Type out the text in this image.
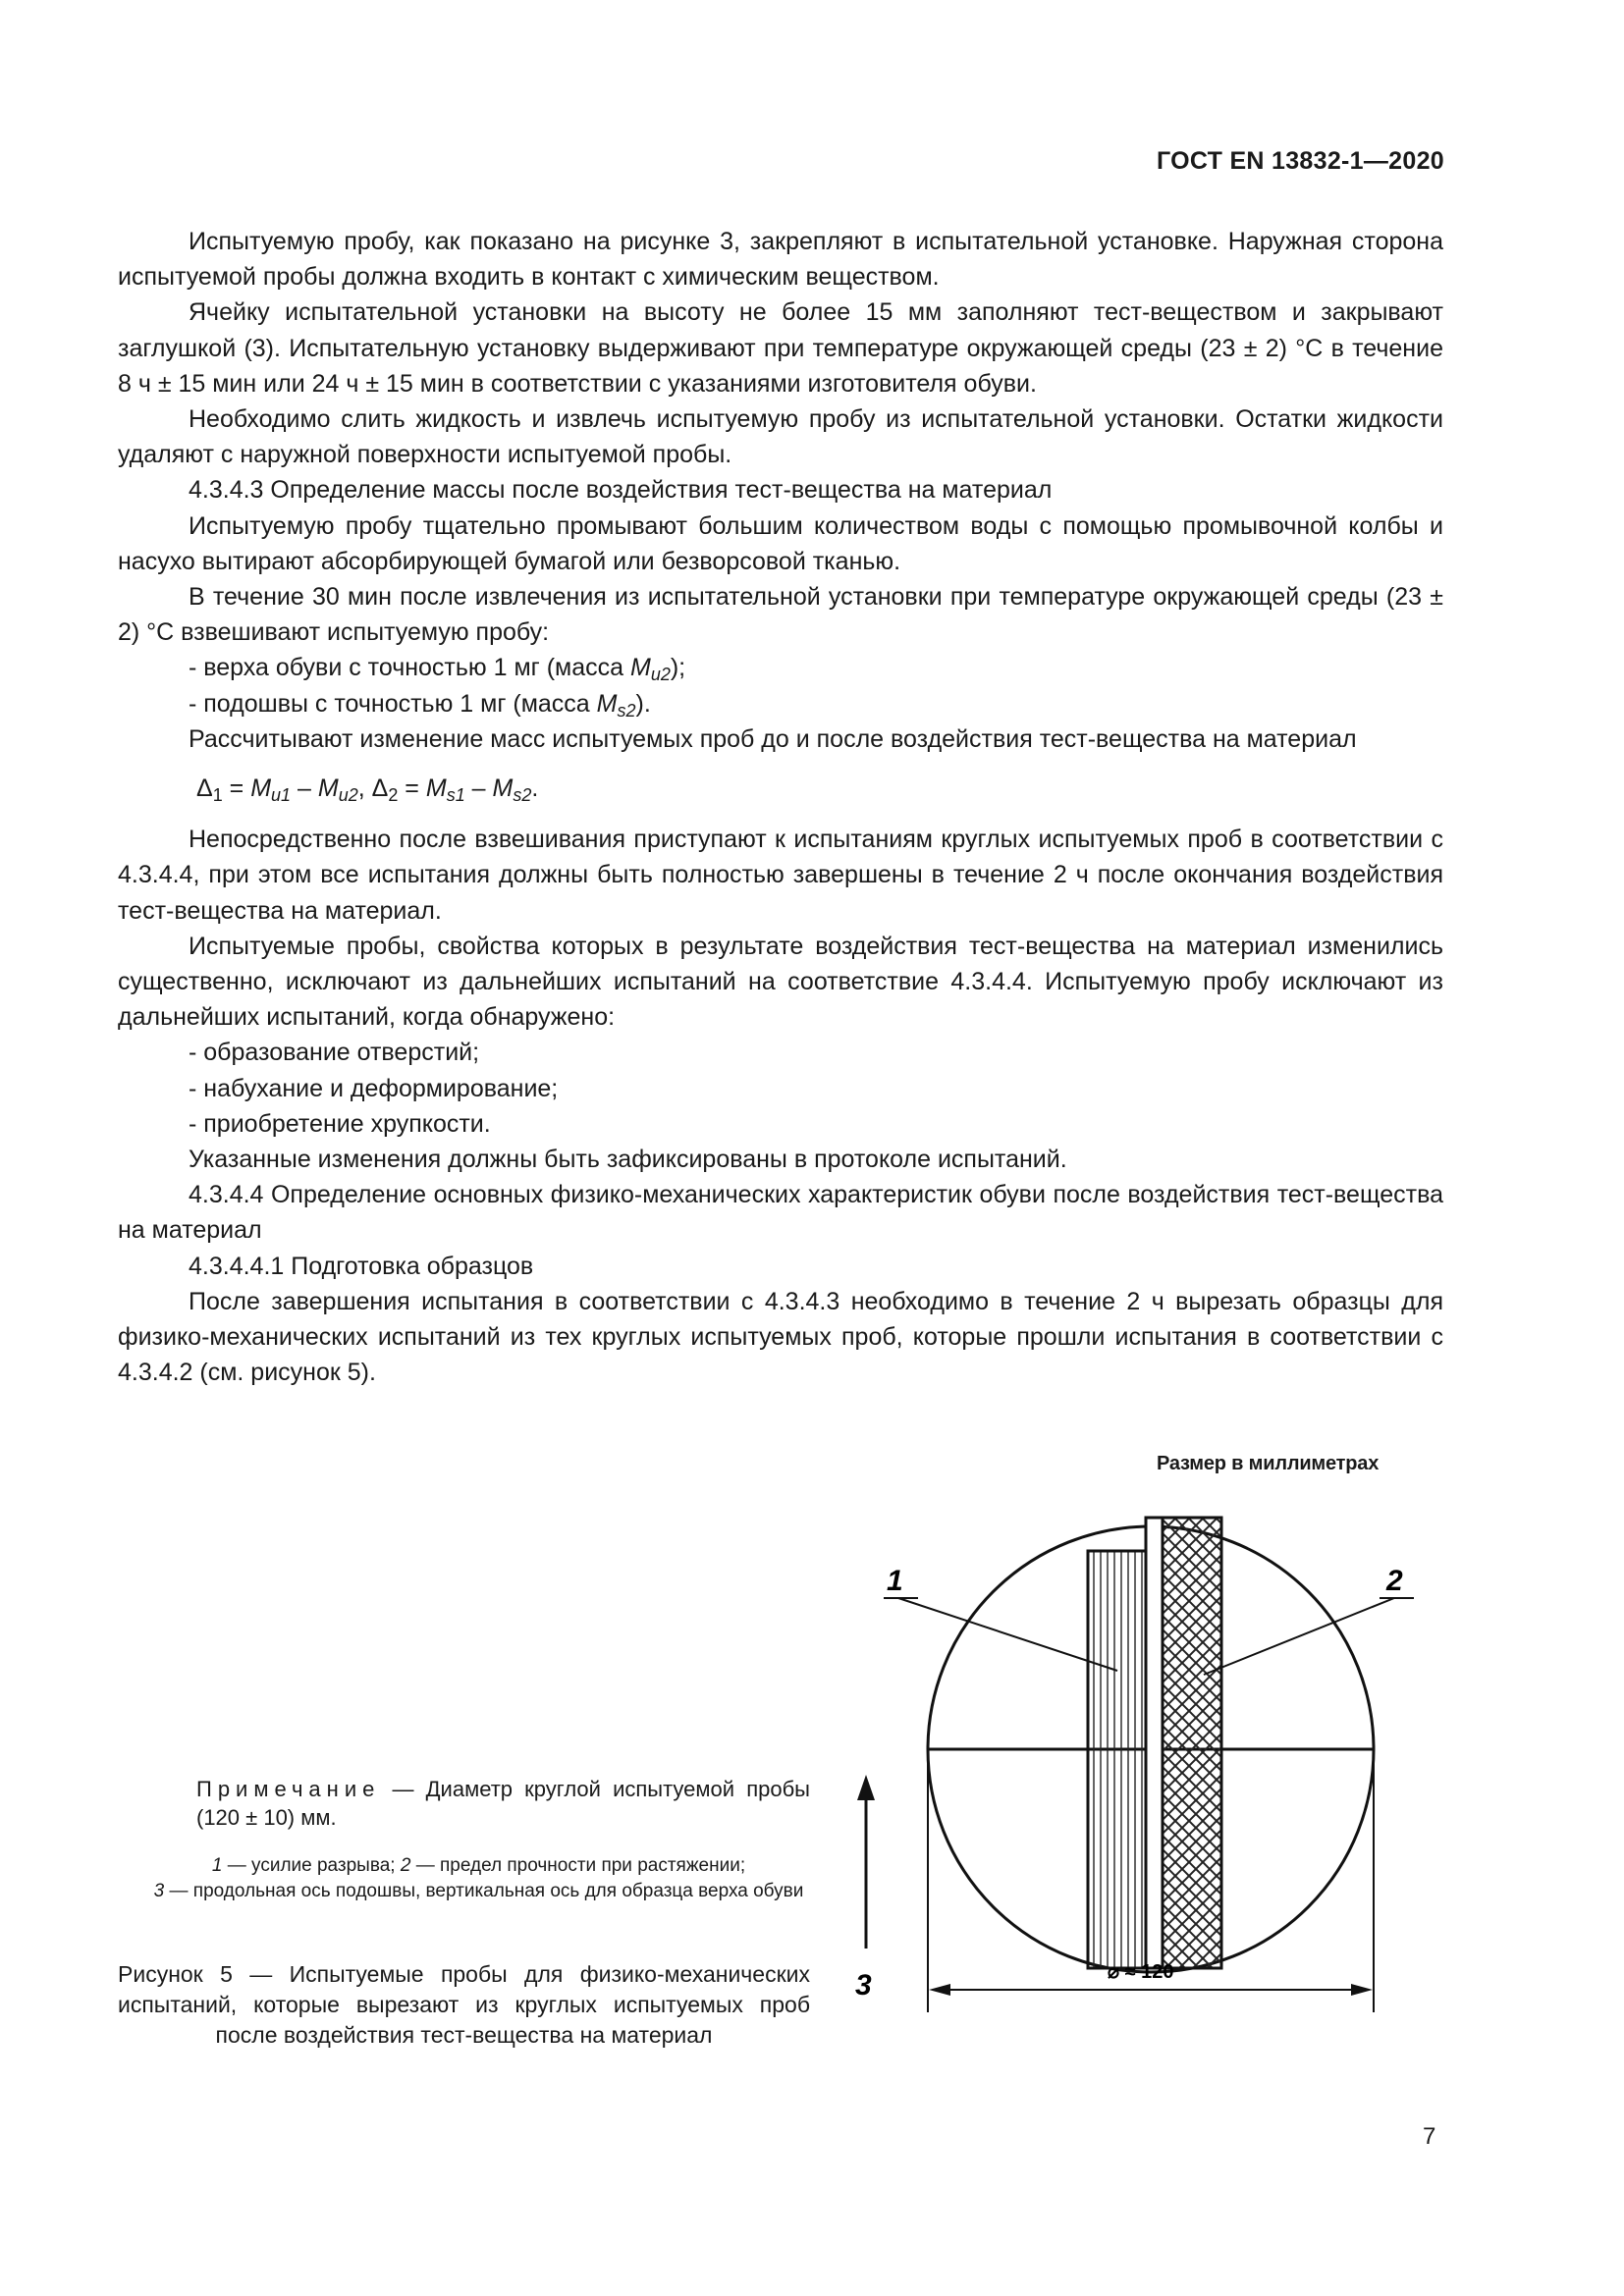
ГОСТ EN 13832-1—2020

Испытуемую пробу, как показано на рисунке 3, закрепляют в испытательной установке. Наружная сторона испытуемой пробы должна входить в контакт с химическим веществом.

Ячейку испытательной установки на высоту не более 15 мм заполняют тест-веществом и закрывают заглушкой (3). Испытательную установку выдерживают при температуре окружающей среды (23 ± 2) °С в течение 8 ч ± 15 мин или 24 ч ± 15 мин в соответствии с указаниями изготовителя обуви.

Необходимо слить жидкость и извлечь испытуемую пробу из испытательной установки. Остатки жидкости удаляют с наружной поверхности испытуемой пробы.

4.3.4.3 Определение массы после воздействия тест-вещества на материал

Испытуемую пробу тщательно промывают большим количеством воды с помощью промывочной колбы и насухо вытирают абсорбирующей бумагой или безворсовой тканью.

В течение 30 мин после извлечения из испытательной установки при температуре окружающей среды (23 ± 2) °С взвешивают испытуемую пробу:

- верха обуви с точностью 1 мг (масса $M_{u2}$);

- подошвы с точностью 1 мг (масса $M_{s2}$).

Рассчитывают изменение масс испытуемых проб до и после воздействия тест-вещества на материал

$\Delta_1 = M_{u1} - M_{u2}$, $\Delta_2 = M_{s1} - M_{s2}$.

Непосредственно после взвешивания приступают к испытаниям круглых испытуемых проб в соответствии с 4.3.4.4, при этом все испытания должны быть полностью завершены в течение 2 ч после окончания воздействия тест-вещества на материал.

Испытуемые пробы, свойства которых в результате воздействия тест-вещества на материал изменились существенно, исключают из дальнейших испытаний на соответствие 4.3.4.4. Испытуемую пробу исключают из дальнейших испытаний, когда обнаружено:

- образование отверстий;

- набухание и деформирование;

- приобретение хрупкости.

Указанные изменения должны быть зафиксированы в протоколе испытаний.

4.3.4.4 Определение основных физико-механических характеристик обуви после воздействия тест-вещества на материал

4.3.4.4.1 Подготовка образцов

После завершения испытания в соответствии с 4.3.4.3 необходимо в течение 2 ч вырезать образцы для физико-механических испытаний из тех круглых испытуемых проб, которые прошли испытания в соответствии с 4.3.4.2 (см. рисунок 5).

Размер в миллиметрах
1	2
3	⌀ ≈ 120

Примечание — Диаметр круглой испытуемой пробы (120 ± 10) мм.

1 — усилие разрыва; 2 — предел прочности при растяжении;

3 — продольная ось подошвы, вертикальная ось для образца верха обуви

Рисунок 5 — Испытуемые пробы для физико-механических испытаний, которые вырезают из круглых испытуемых проб после воздействия тест-вещества на материал

7
